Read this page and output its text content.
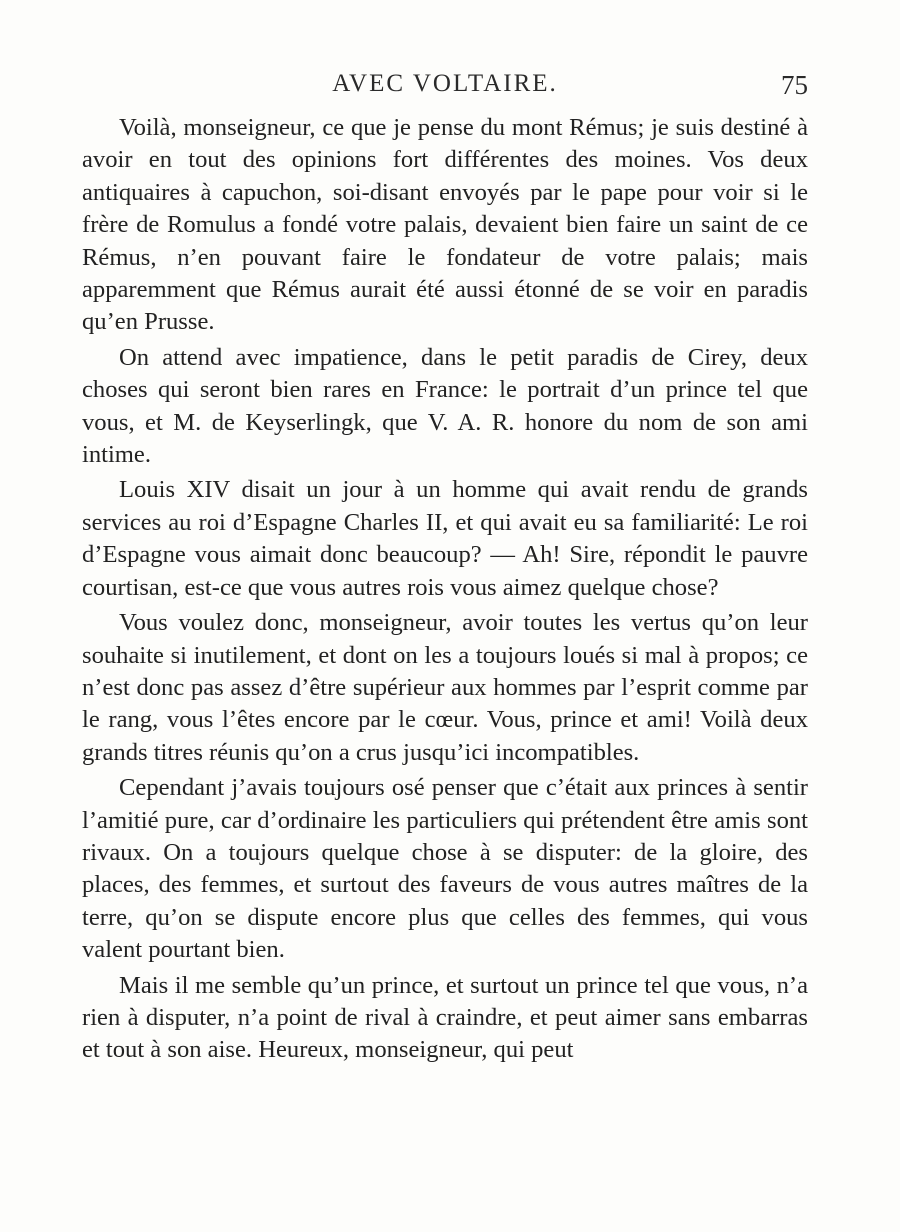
AVEC VOLTAIRE.	75

Voilà, monseigneur, ce que je pense du mont Rémus; je suis destiné à avoir en tout des opinions fort différentes des moines. Vos deux antiquaires à capuchon, soi-disant envoyés par le pape pour voir si le frère de Romulus a fondé votre palais, devaient bien faire un saint de ce Rémus, n’en pouvant faire le fondateur de votre palais; mais apparemment que Rémus aurait été aussi étonné de se voir en paradis qu’en Prusse.

On attend avec impatience, dans le petit paradis de Cirey, deux choses qui seront bien rares en France: le portrait d’un prince tel que vous, et M. de Keyserlingk, que V. A. R. honore du nom de son ami intime.

Louis XIV disait un jour à un homme qui avait rendu de grands services au roi d’Espagne Charles II, et qui avait eu sa familiarité: Le roi d’Espagne vous aimait donc beaucoup? — Ah! Sire, répondit le pauvre courtisan, est-ce que vous autres rois vous aimez quelque chose?

Vous voulez donc, monseigneur, avoir toutes les vertus qu’on leur souhaite si inutilement, et dont on les a toujours loués si mal à propos; ce n’est donc pas assez d’être supérieur aux hommes par l’esprit comme par le rang, vous l’êtes encore par le cœur. Vous, prince et ami! Voilà deux grands titres réunis qu’on a crus jusqu’ici incompatibles.

Cependant j’avais toujours osé penser que c’était aux princes à sentir l’amitié pure, car d’ordinaire les particuliers qui prétendent être amis sont rivaux. On a toujours quelque chose à se disputer: de la gloire, des places, des femmes, et surtout des faveurs de vous autres maîtres de la terre, qu’on se dispute encore plus que celles des femmes, qui vous valent pourtant bien.

Mais il me semble qu’un prince, et surtout un prince tel que vous, n’a rien à disputer, n’a point de rival à craindre, et peut aimer sans embarras et tout à son aise. Heureux, monseigneur, qui peut
